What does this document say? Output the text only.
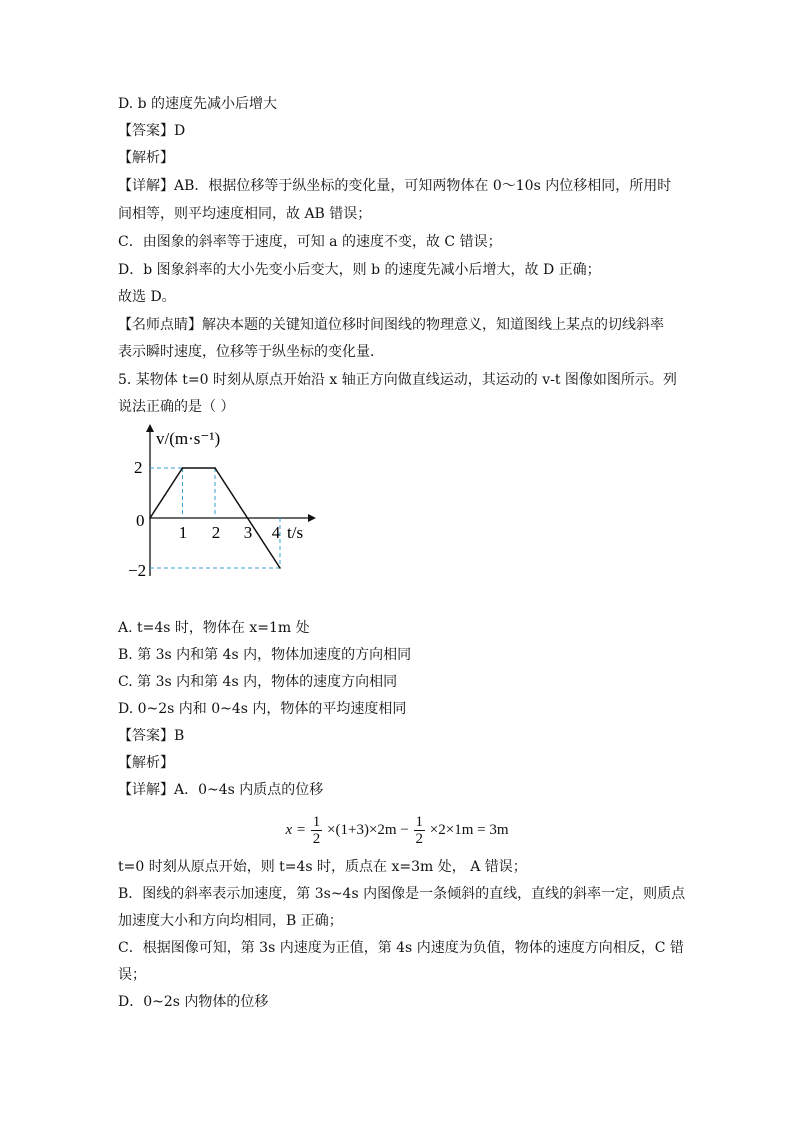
D. b 的速度先减小后增大
【答案】D
【解析】
【详解】AB．根据位移等于纵坐标的变化量，可知两物体在 0～10s 内位移相同，所用时
间相等，则平均速度相同，故 AB 错误；
C．由图象的斜率等于速度，可知 a 的速度不变，故 C 错误；
D．b 图象斜率的大小先变小后变大，则 b 的速度先减小后增大，故 D 正确；
故选 D。
【名师点睛】解决本题的关键知道位移时间图线的物理意义，知道图线上某点的切线斜率
表示瞬时速度，位移等于纵坐标的变化量．
5. 某物体 t=0 时刻从原点开始沿 x 轴正方向做直线运动，其运动的 v-t 图像如图所示。列
说法正确的是（ ）
v/(m·s⁻¹)
t/s
1 2 3 4
2
0
−2
A. t=4s 时，物体在 x=1m 处
B. 第 3s 内和第 4s 内，物体加速度的方向相同
C. 第 3s 内和第 4s 内，物体的速度方向相同
D. 0~2s 内和 0~4s 内，物体的平均速度相同
【答案】B
【解析】
【详解】A．0~4s 内质点的位移
$x = \frac{1}{2} \times(1+3)\times 2m - \frac{1}{2} \times 2\times 1m = 3m$
t=0 时刻从原点开始，则 t=4s 时，质点在 x=3m 处， A 错误；
B．图线的斜率表示加速度，第 3s~4s 内图像是一条倾斜的直线，直线的斜率一定，则质点
加速度大小和方向均相同，B 正确；
C．根据图像可知，第 3s 内速度为正值，第 4s 内速度为负值，物体的速度方向相反，C 错
误；
D．0~2s 内物体的位移
